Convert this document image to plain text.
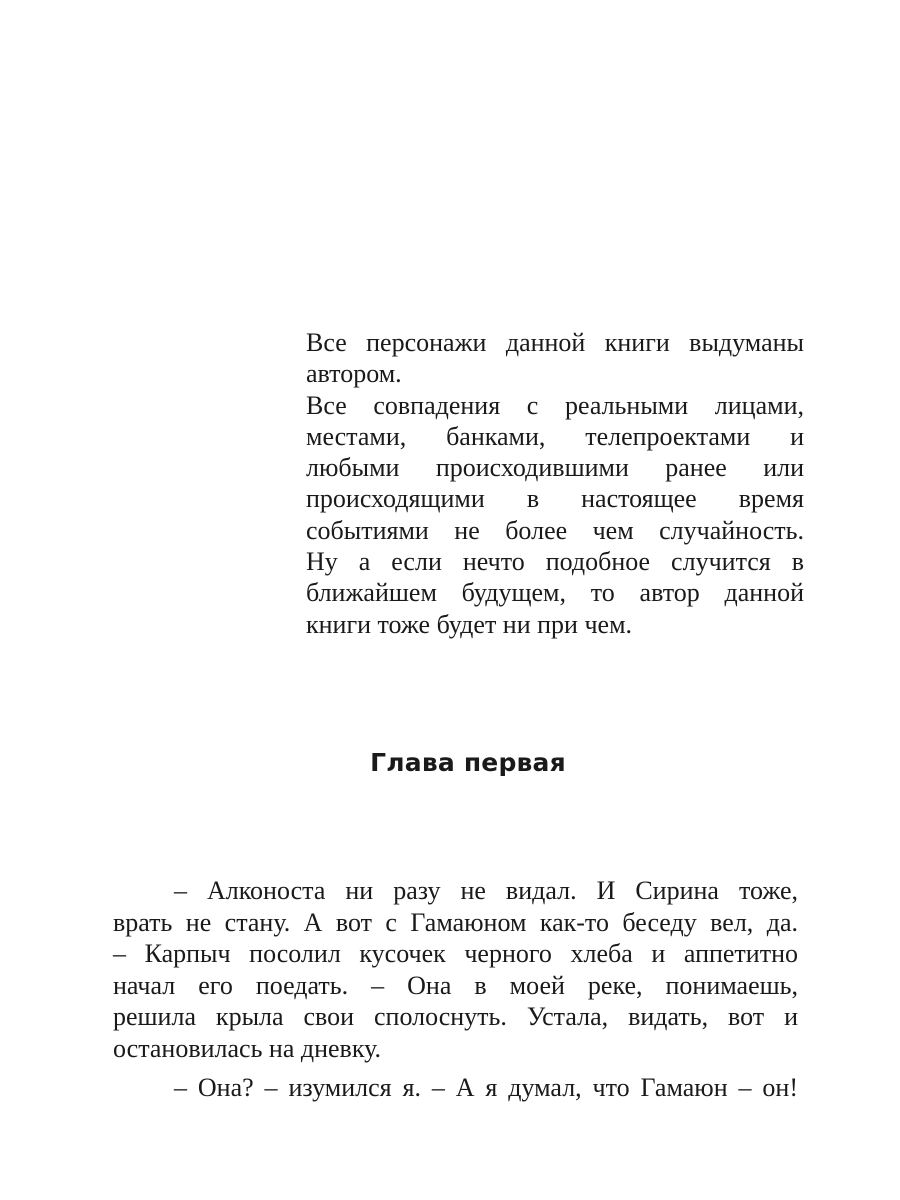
Все персонажи данной книги выдуманы
автором.
Все совпадения с реальными лицами,
местами, банками, телепроектами и
любыми происходившими ранее или
происходящими в настоящее время
событиями не более чем случайность.
Ну а если нечто подобное случится в
ближайшем будущем, то автор данной
книги тоже будет ни при чем.
Глава первая
– Алконоста ни разу не видал. И Сирина тоже,
врать не стану. А вот с Гамаюном как-то беседу вел, да.
– Карпыч посолил кусочек черного хлеба и аппетитно
начал его поедать. – Она в моей реке, понимаешь,
решила крыла свои сполоснуть. Устала, видать, вот и
остановилась на дневку.
– Она? – изумился я. – А я думал, что Гамаюн – он!
